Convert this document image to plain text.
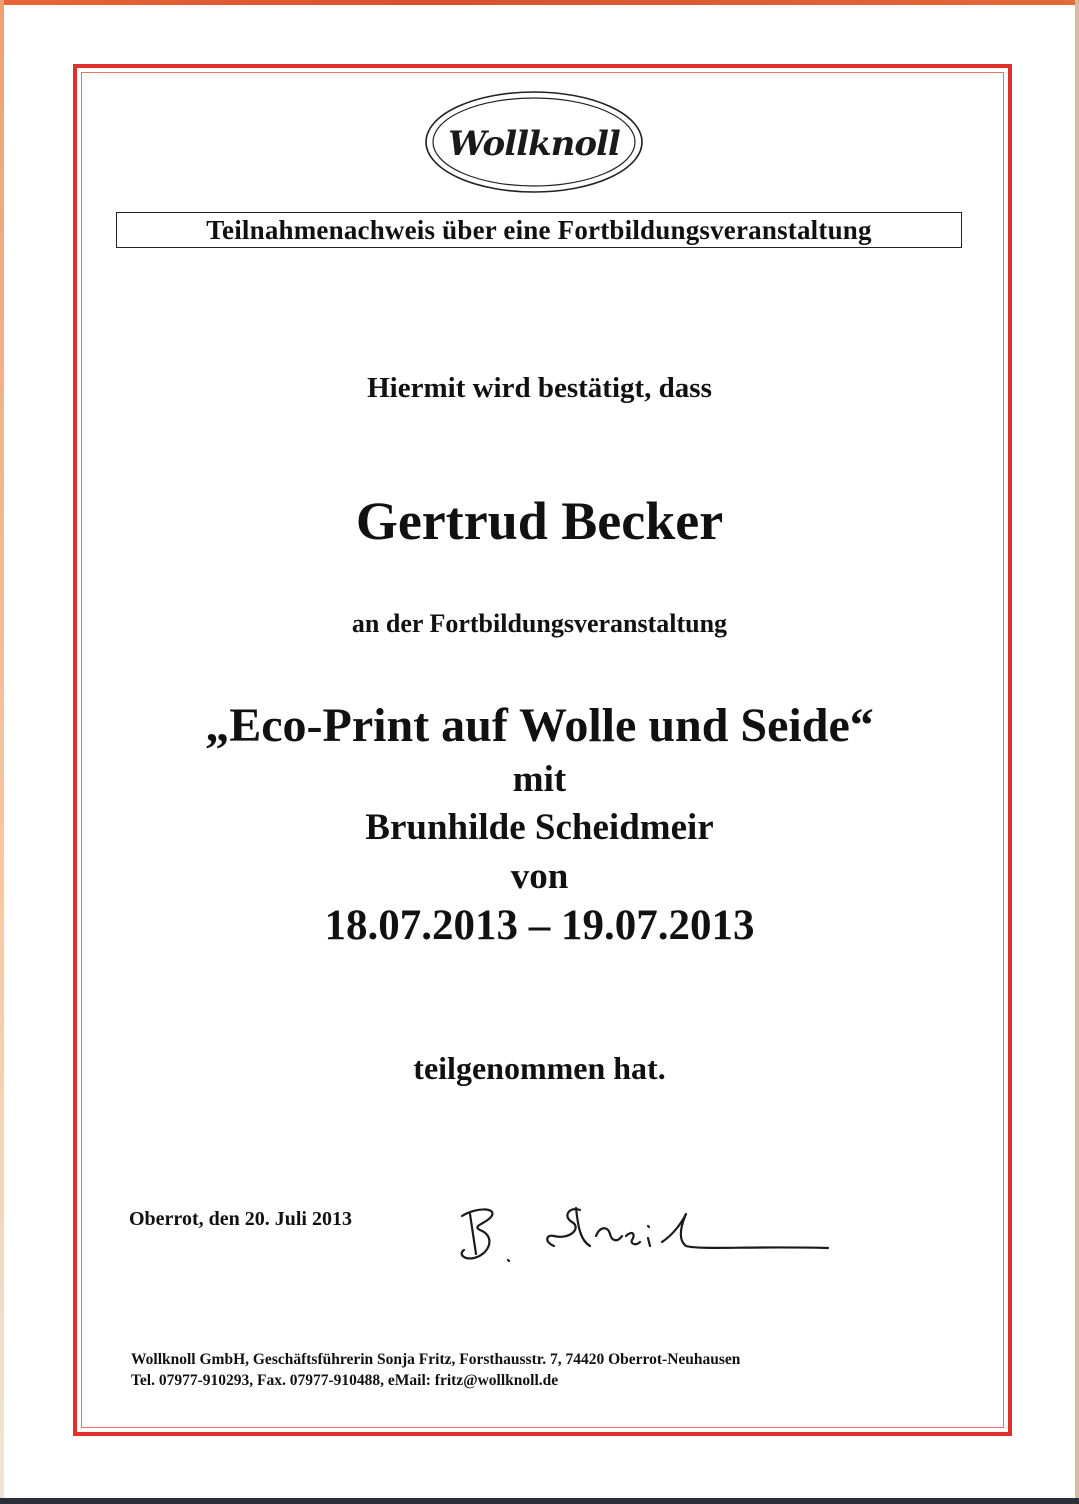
Wollknoll
Teilnahmenachweis über eine Fortbildungsveranstaltung
Hiermit wird bestätigt, dass
Gertrud Becker
an der Fortbildungsveranstaltung
„Eco-Print auf Wolle und Seide“
mit
Brunhilde Scheidmeir
von
18.07.2013 – 19.07.2013
teilgenommen hat.
Oberrot, den 20. Juli 2013
Wollknoll GmbH, Geschäftsführerin Sonja Fritz, Forsthausstr. 7, 74420 Oberrot-Neuhausen
Tel. 07977-910293, Fax. 07977-910488, eMail: fritz@wollknoll.de
